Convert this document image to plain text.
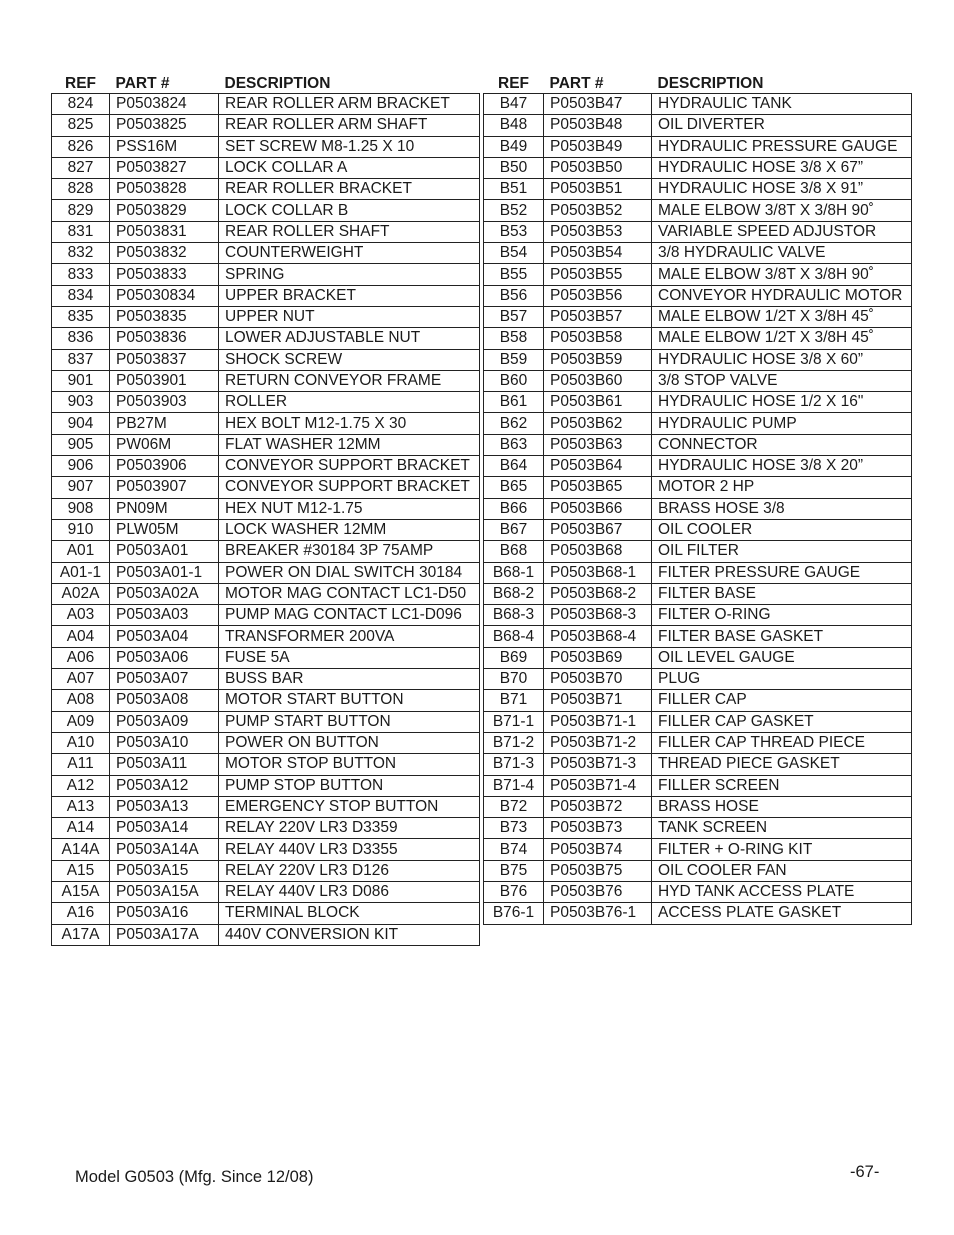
REF	PART #	DESCRIPTION
824	P0503824	REAR ROLLER ARM BRACKET
825	P0503825	REAR ROLLER ARM SHAFT
826	PSS16M	SET SCREW M8-1.25 X 10
827	P0503827	LOCK COLLAR A
828	P0503828	REAR ROLLER BRACKET
829	P0503829	LOCK COLLAR B
831	P0503831	REAR ROLLER SHAFT
832	P0503832	COUNTERWEIGHT
833	P0503833	SPRING
834	P05030834	UPPER BRACKET
835	P0503835	UPPER NUT
836	P0503836	LOWER ADJUSTABLE NUT
837	P0503837	SHOCK SCREW
901	P0503901	RETURN CONVEYOR FRAME
903	P0503903	ROLLER
904	PB27M	HEX BOLT M12-1.75 X 30
905	PW06M	FLAT WASHER 12MM
906	P0503906	CONVEYOR SUPPORT BRACKET
907	P0503907	CONVEYOR SUPPORT BRACKET
908	PN09M	HEX NUT M12-1.75
910	PLW05M	LOCK WASHER 12MM
A01	P0503A01	BREAKER #30184 3P 75AMP
A01-1	P0503A01-1	POWER ON DIAL SWITCH 30184
A02A	P0503A02A	MOTOR MAG CONTACT LC1-D50
A03	P0503A03	PUMP MAG CONTACT LC1-D096
A04	P0503A04	TRANSFORMER 200VA
A06	P0503A06	FUSE 5A
A07	P0503A07	BUSS BAR
A08	P0503A08	MOTOR START BUTTON
A09	P0503A09	PUMP START BUTTON
A10	P0503A10	POWER ON BUTTON
A11	P0503A11	MOTOR STOP BUTTON
A12	P0503A12	PUMP STOP BUTTON
A13	P0503A13	EMERGENCY STOP BUTTON
A14	P0503A14	RELAY 220V LR3 D3359
A14A	P0503A14A	RELAY 440V LR3 D3355
A15	P0503A15	RELAY 220V LR3 D126
A15A	P0503A15A	RELAY 440V LR3 D086
A16	P0503A16	TERMINAL BLOCK
A17A	P0503A17A	440V CONVERSION KIT
REF	PART #	DESCRIPTION
B47	P0503B47	HYDRAULIC TANK
B48	P0503B48	OIL DIVERTER
B49	P0503B49	HYDRAULIC PRESSURE GAUGE
B50	P0503B50	HYDRAULIC HOSE 3/8 X 67”
B51	P0503B51	HYDRAULIC HOSE 3/8 X 91”
B52	P0503B52	MALE ELBOW 3/8T X 3/8H 90˚
B53	P0503B53	VARIABLE SPEED ADJUSTOR
B54	P0503B54	3/8 HYDRAULIC VALVE
B55	P0503B55	MALE ELBOW 3/8T X 3/8H 90˚
B56	P0503B56	CONVEYOR HYDRAULIC MOTOR
B57	P0503B57	MALE ELBOW 1/2T X 3/8H 45˚
B58	P0503B58	MALE ELBOW 1/2T X 3/8H 45˚
B59	P0503B59	HYDRAULIC HOSE 3/8 X 60”
B60	P0503B60	3/8 STOP VALVE
B61	P0503B61	HYDRAULIC HOSE 1/2 X 16"
B62	P0503B62	HYDRAULIC PUMP
B63	P0503B63	CONNECTOR
B64	P0503B64	HYDRAULIC HOSE 3/8 X 20”
B65	P0503B65	MOTOR 2 HP
B66	P0503B66	BRASS HOSE 3/8
B67	P0503B67	OIL COOLER
B68	P0503B68	OIL FILTER
B68-1	P0503B68-1	FILTER PRESSURE GAUGE
B68-2	P0503B68-2	FILTER BASE
B68-3	P0503B68-3	FILTER O-RING
B68-4	P0503B68-4	FILTER BASE GASKET
B69	P0503B69	OIL LEVEL GAUGE
B70	P0503B70	PLUG
B71	P0503B71	FILLER CAP
B71-1	P0503B71-1	FILLER CAP GASKET
B71-2	P0503B71-2	FILLER CAP THREAD PIECE
B71-3	P0503B71-3	THREAD PIECE GASKET
B71-4	P0503B71-4	FILLER SCREEN
B72	P0503B72	BRASS HOSE
B73	P0503B73	TANK SCREEN
B74	P0503B74	FILTER + O-RING KIT
B75	P0503B75	OIL COOLER FAN
B76	P0503B76	HYD TANK ACCESS PLATE
B76-1	P0503B76-1	ACCESS PLATE GASKET
Model G0503 (Mfg. Since 12/08)	-67-
